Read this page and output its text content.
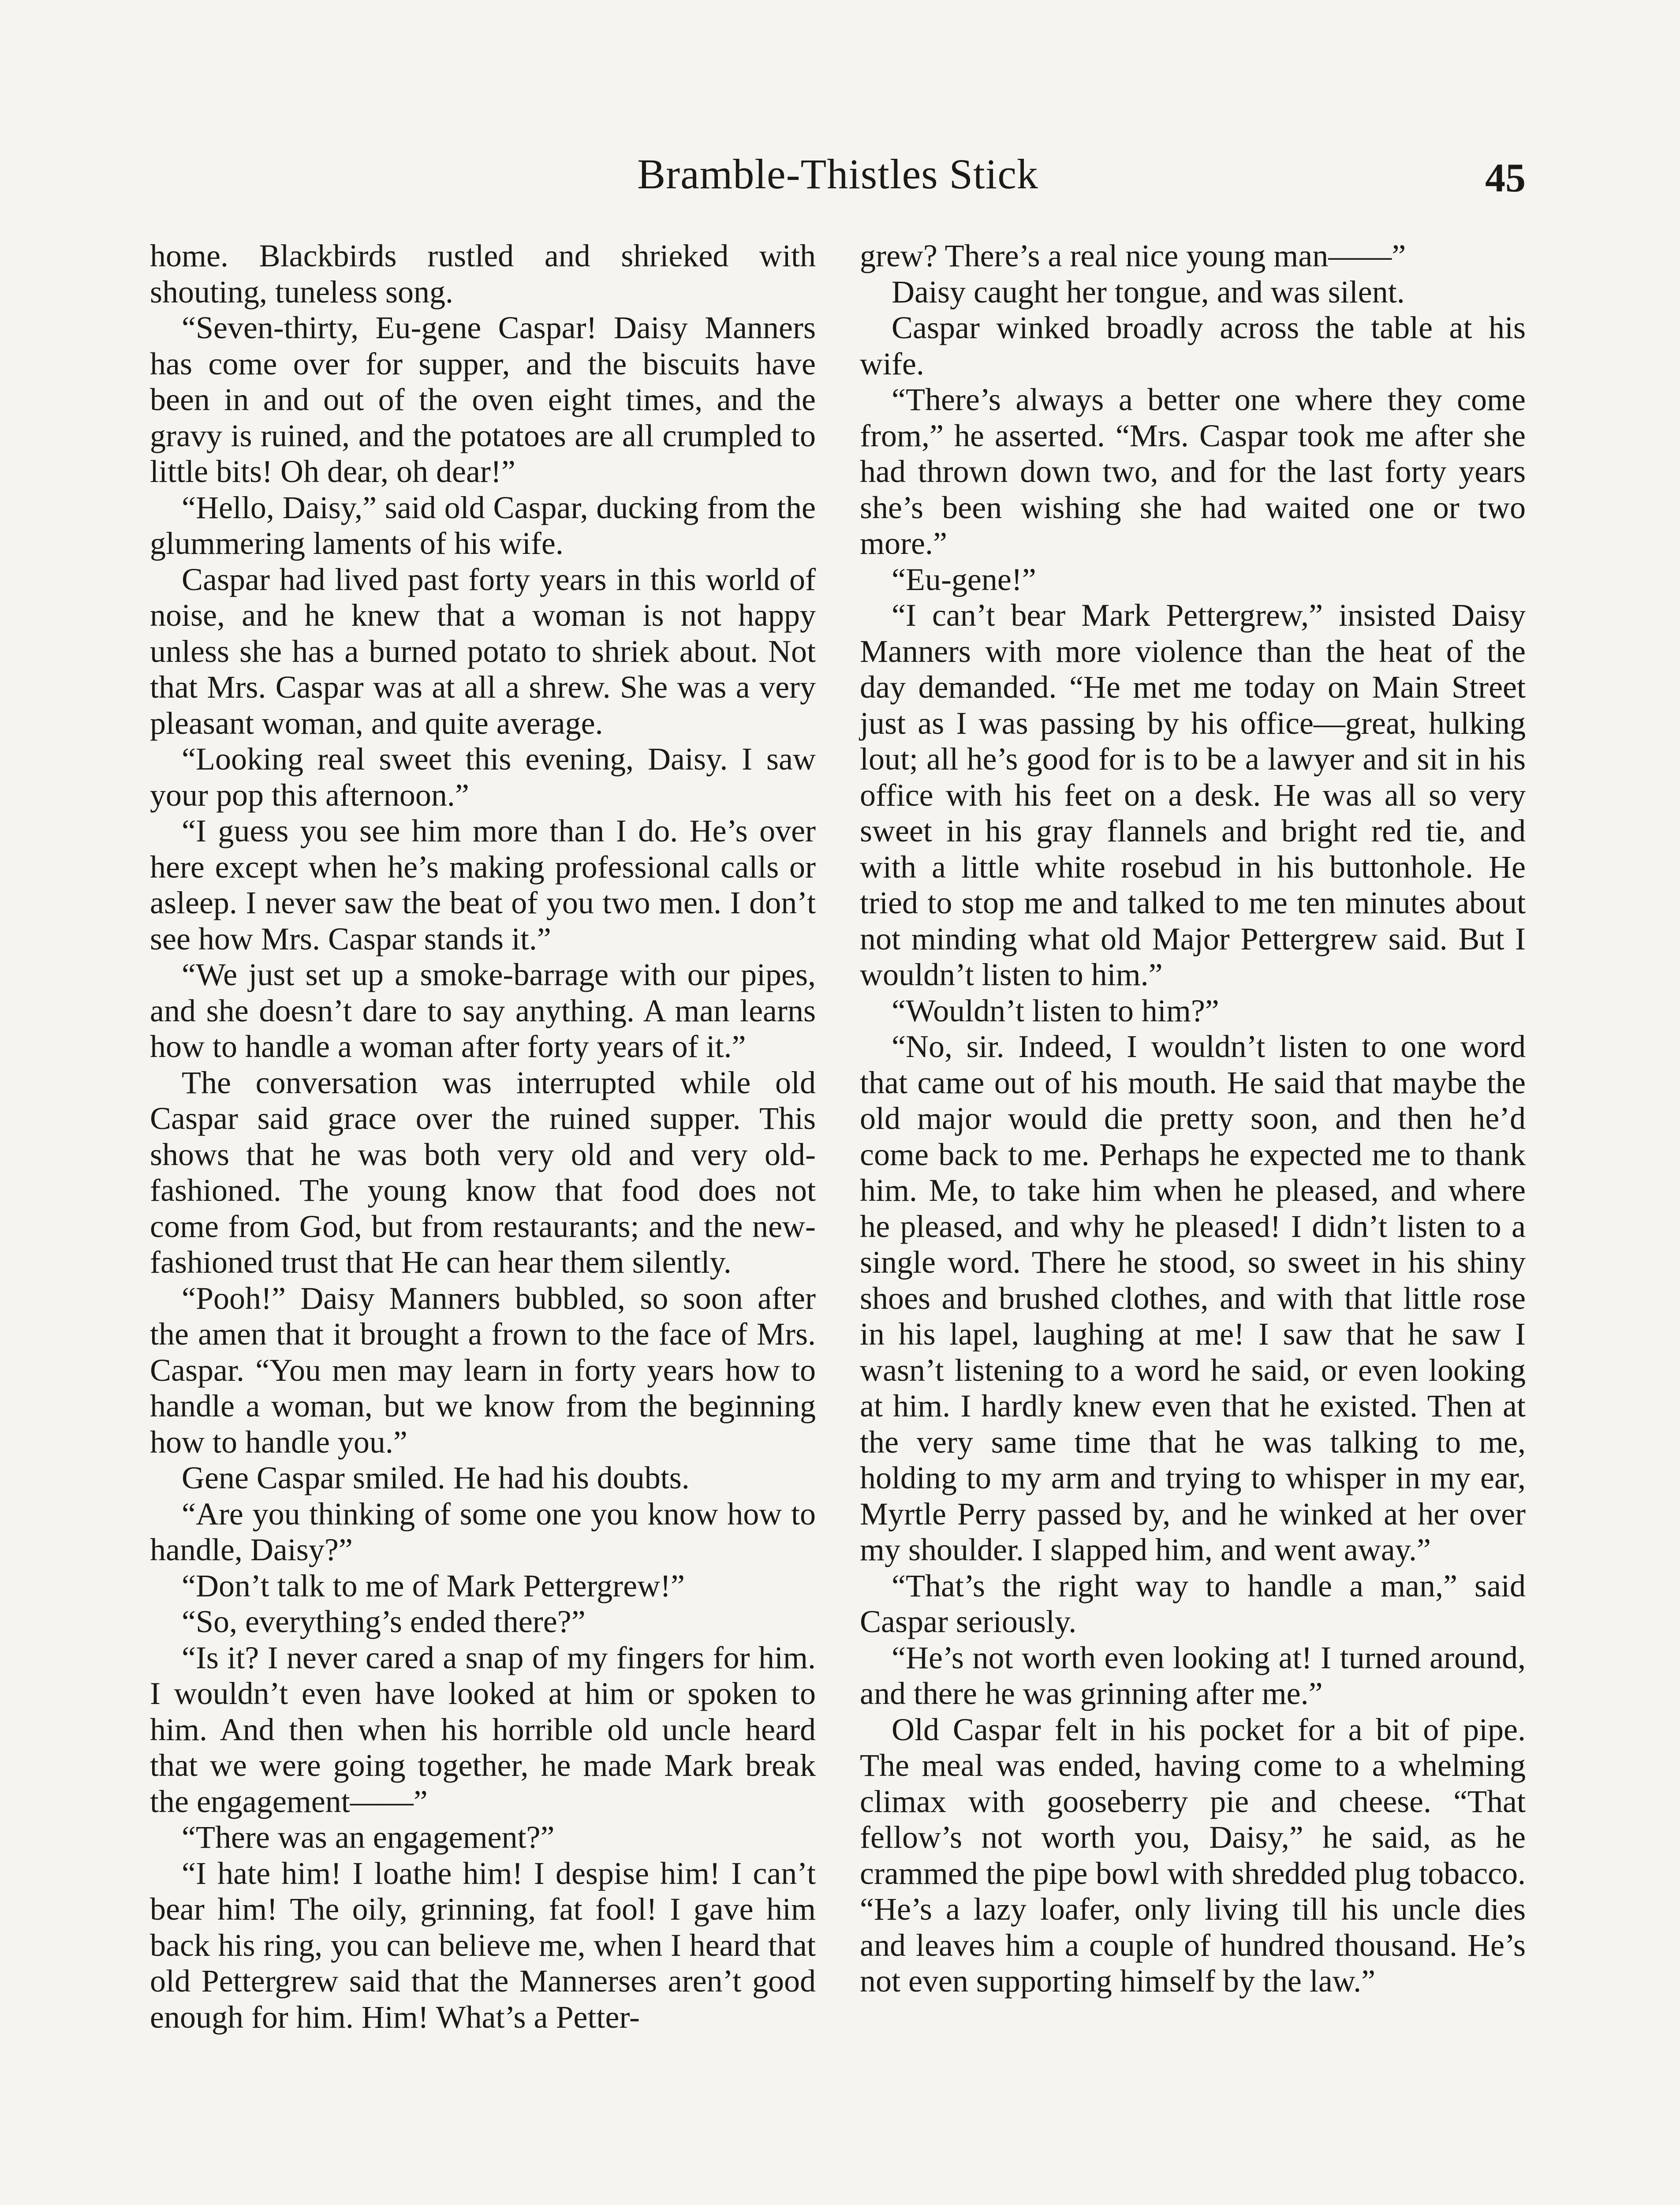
Bramble-Thistles Stick	45

home. Blackbirds rustled and shrieked with shouting, tuneless song.

“Seven-thirty, Eu-gene Caspar! Daisy Manners has come over for supper, and the biscuits have been in and out of the oven eight times, and the gravy is ruined, and the potatoes are all crumpled to little bits! Oh dear, oh dear!”

“Hello, Daisy,” said old Caspar, ducking from the glummering laments of his wife.

Caspar had lived past forty years in this world of noise, and he knew that a woman is not happy unless she has a burned potato to shriek about. Not that Mrs. Caspar was at all a shrew. She was a very pleasant woman, and quite average.

“Looking real sweet this evening, Daisy. I saw your pop this afternoon.”

“I guess you see him more than I do. He’s over here except when he’s making professional calls or asleep. I never saw the beat of you two men. I don’t see how Mrs. Caspar stands it.”

“We just set up a smoke-barrage with our pipes, and she doesn’t dare to say anything. A man learns how to handle a woman after forty years of it.”

The conversation was interrupted while old Caspar said grace over the ruined supper. This shows that he was both very old and very old-fashioned. The young know that food does not come from God, but from restaurants; and the new-fashioned trust that He can hear them silently.

“Pooh!” Daisy Manners bubbled, so soon after the amen that it brought a frown to the face of Mrs. Caspar. “You men may learn in forty years how to handle a woman, but we know from the beginning how to handle you.”

Gene Caspar smiled. He had his doubts.

“Are you thinking of some one you know how to handle, Daisy?”

“Don’t talk to me of Mark Pettergrew!”

“So, everything’s ended there?”

“Is it? I never cared a snap of my fingers for him. I wouldn’t even have looked at him or spoken to him. And then when his horrible old uncle heard that we were going together, he made Mark break the engagement——”

“There was an engagement?”

“I hate him! I loathe him! I despise him! I can’t bear him! The oily, grinning, fat fool! I gave him back his ring, you can believe me, when I heard that old Pettergrew said that the Mannerses aren’t good enough for him. Him! What’s a Petter-

grew? There’s a real nice young man——”

Daisy caught her tongue, and was silent.

Caspar winked broadly across the table at his wife.

“There’s always a better one where they come from,” he asserted. “Mrs. Caspar took me after she had thrown down two, and for the last forty years she’s been wishing she had waited one or two more.”

“Eu-gene!”

“I can’t bear Mark Pettergrew,” insisted Daisy Manners with more violence than the heat of the day demanded. “He met me today on Main Street just as I was passing by his office—great, hulking lout; all he’s good for is to be a lawyer and sit in his office with his feet on a desk. He was all so very sweet in his gray flannels and bright red tie, and with a little white rosebud in his buttonhole. He tried to stop me and talked to me ten minutes about not minding what old Major Pettergrew said. But I wouldn’t listen to him.”

“Wouldn’t listen to him?”

“No, sir. Indeed, I wouldn’t listen to one word that came out of his mouth. He said that maybe the old major would die pretty soon, and then he’d come back to me. Perhaps he expected me to thank him. Me, to take him when he pleased, and where he pleased, and why he pleased! I didn’t listen to a single word. There he stood, so sweet in his shiny shoes and brushed clothes, and with that little rose in his lapel, laughing at me! I saw that he saw I wasn’t listening to a word he said, or even looking at him. I hardly knew even that he existed. Then at the very same time that he was talking to me, holding to my arm and trying to whisper in my ear, Myrtle Perry passed by, and he winked at her over my shoulder. I slapped him, and went away.”

“That’s the right way to handle a man,” said Caspar seriously.

“He’s not worth even looking at! I turned around, and there he was grinning after me.”

Old Caspar felt in his pocket for a bit of pipe. The meal was ended, having come to a whelming climax with gooseberry pie and cheese. “That fellow’s not worth you, Daisy,” he said, as he crammed the pipe bowl with shredded plug tobacco. “He’s a lazy loafer, only living till his uncle dies and leaves him a couple of hundred thousand. He’s not even supporting himself by the law.”
